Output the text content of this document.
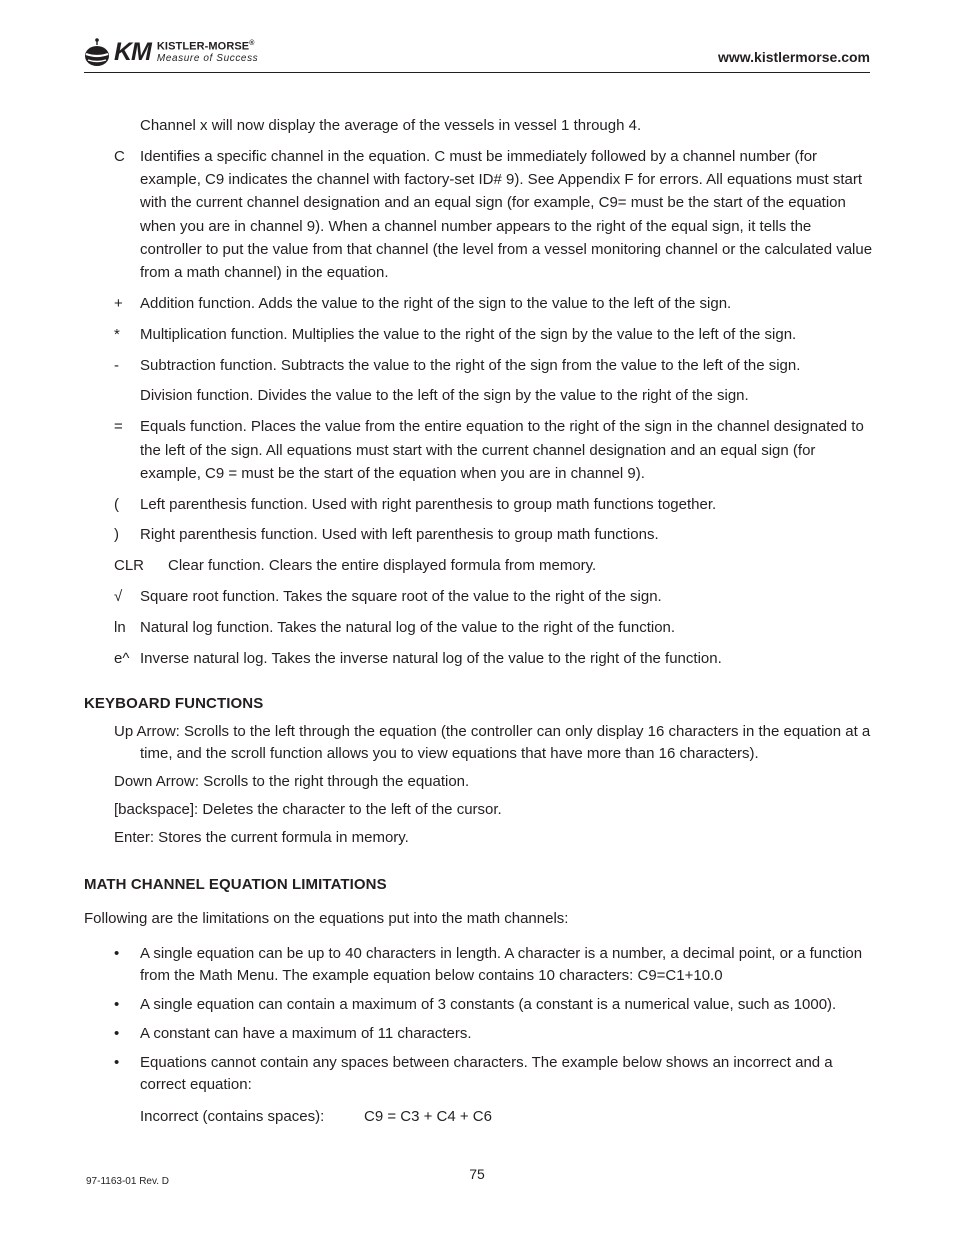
KM KISTLER-MORSE®
Measure of Success	www.kistlermorse.com
Channel x will now display the average of the vessels in vessel 1 through 4.
C Identifies a specific channel in the equation. C must be immediately followed by a channel number (for example, C9 indicates the channel with factory-set ID# 9). See Appendix F for errors. All equations must start with the current channel designation and an equal sign (for example, C9= must be the start of the equation when you are in channel 9). When a channel number appears to the right of the equal sign, it tells the controller to put the value from that channel (the level from a vessel monitoring channel or the calculated value from a math channel) in the equation.
+ Addition function. Adds the value to the right of the sign to the value to the left of the sign.
* Multiplication function. Multiplies the value to the right of the sign by the value to the left of the sign.
- Subtraction function. Subtracts the value to the right of the sign from the value to the left of the sign.
Division function. Divides the value to the left of the sign by the value to the right of the sign.
= Equals function. Places the value from the entire equation to the right of the sign in the channel designated to the left of the sign. All equations must start with the current channel designation and an equal sign (for example, C9 = must be the start of the equation when you are in channel 9).
( Left parenthesis function. Used with right parenthesis to group math functions together.
) Right parenthesis function. Used with left parenthesis to group math functions.
CLR Clear function. Clears the entire displayed formula from memory.
√ Square root function. Takes the square root of the value to the right of the sign.
ln Natural log function. Takes the natural log of the value to the right of the function.
e^ Inverse natural log. Takes the inverse natural log of the value to the right of the function.
KEYBOARD FUNCTIONS
Up Arrow: Scrolls to the left through the equation (the controller can only display 16 characters in the equation at a time, and the scroll function allows you to view equations that have more than 16 characters).
Down Arrow: Scrolls to the right through the equation.
[backspace]: Deletes the character to the left of the cursor.
Enter: Stores the current formula in memory.
MATH CHANNEL EQUATION LIMITATIONS
Following are the limitations on the equations put into the math channels:
• A single equation can be up to 40 characters in length. A character is a number, a decimal point, or a function from the Math Menu. The example equation below contains 10 characters: C9=C1+10.0
• A single equation can contain a maximum of 3 constants (a constant is a numerical value, such as 1000).
• A constant can have a maximum of 11 characters.
• Equations cannot contain any spaces between characters. The example below shows an incorrect and a correct equation:
Incorrect (contains spaces):	C9 = C3 + C4 + C6
75
97-1163-01 Rev. D
